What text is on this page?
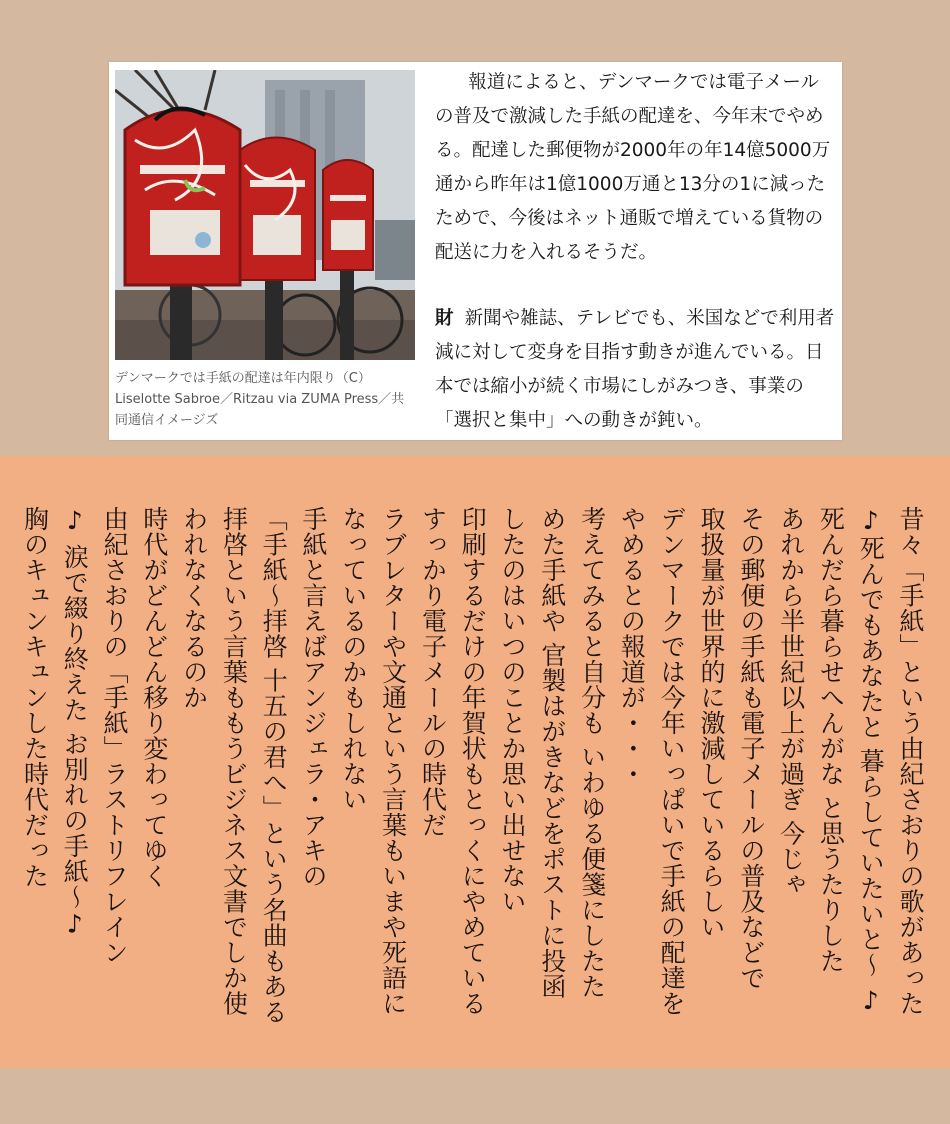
デンマークでは手紙の配達は年内限り（C）
Liselotte Sabroe／Ritzau via ZUMA Press／共
同通信イメージズ

報道によると、デンマークでは電子メールの普及で激減した手紙の配達を、今年末でやめる。配達した郵便物が2000年の年14億5000万通から昨年は1億1000万通と13分の1に減ったためで、今後はネット通販で増えている貨物の配送に力を入れるそうだ。

財 新聞や雑誌、テレビでも、米国などで利用者減に対して変身を目指す動きが進んでいる。日本では縮小が続く市場にしがみつき、事業の「選択と集中」への動きが鈍い。

昔々「手紙」という由紀さおりの歌があった
♪死んでもあなたと 暮らしていたいと～ ♪
死んだら暮らせへんがな と思うたりした
あれから半世紀以上が過ぎ 今じゃ
その郵便の手紙も電子メールの普及などで
取扱量が世界的に激減しているらしい
デンマークでは今年いっぱいで手紙の配達を
やめるとの報道が・・・
考えてみると自分も いわゆる便箋にしたた
めた手紙や 官製はがきなどをポストに投函
したのはいつのことか思い出せない
印刷するだけの年賀状もとっくにやめている
すっかり電子メールの時代だ
ラブレターや文通という言葉もいまや死語に
なっているのかもしれない
手紙と言えばアンジェラ・アキの
「手紙～拝啓 十五の君へ」という名曲もある
拝啓という言葉ももうビジネス文書でしか使
われなくなるのか
時代がどんどん移り変わってゆく
由紀さおりの「手紙」ラストリフレイン
♪ 涙で綴り終えた お別れの手紙～♪
胸のキュンキュンした時代だった
